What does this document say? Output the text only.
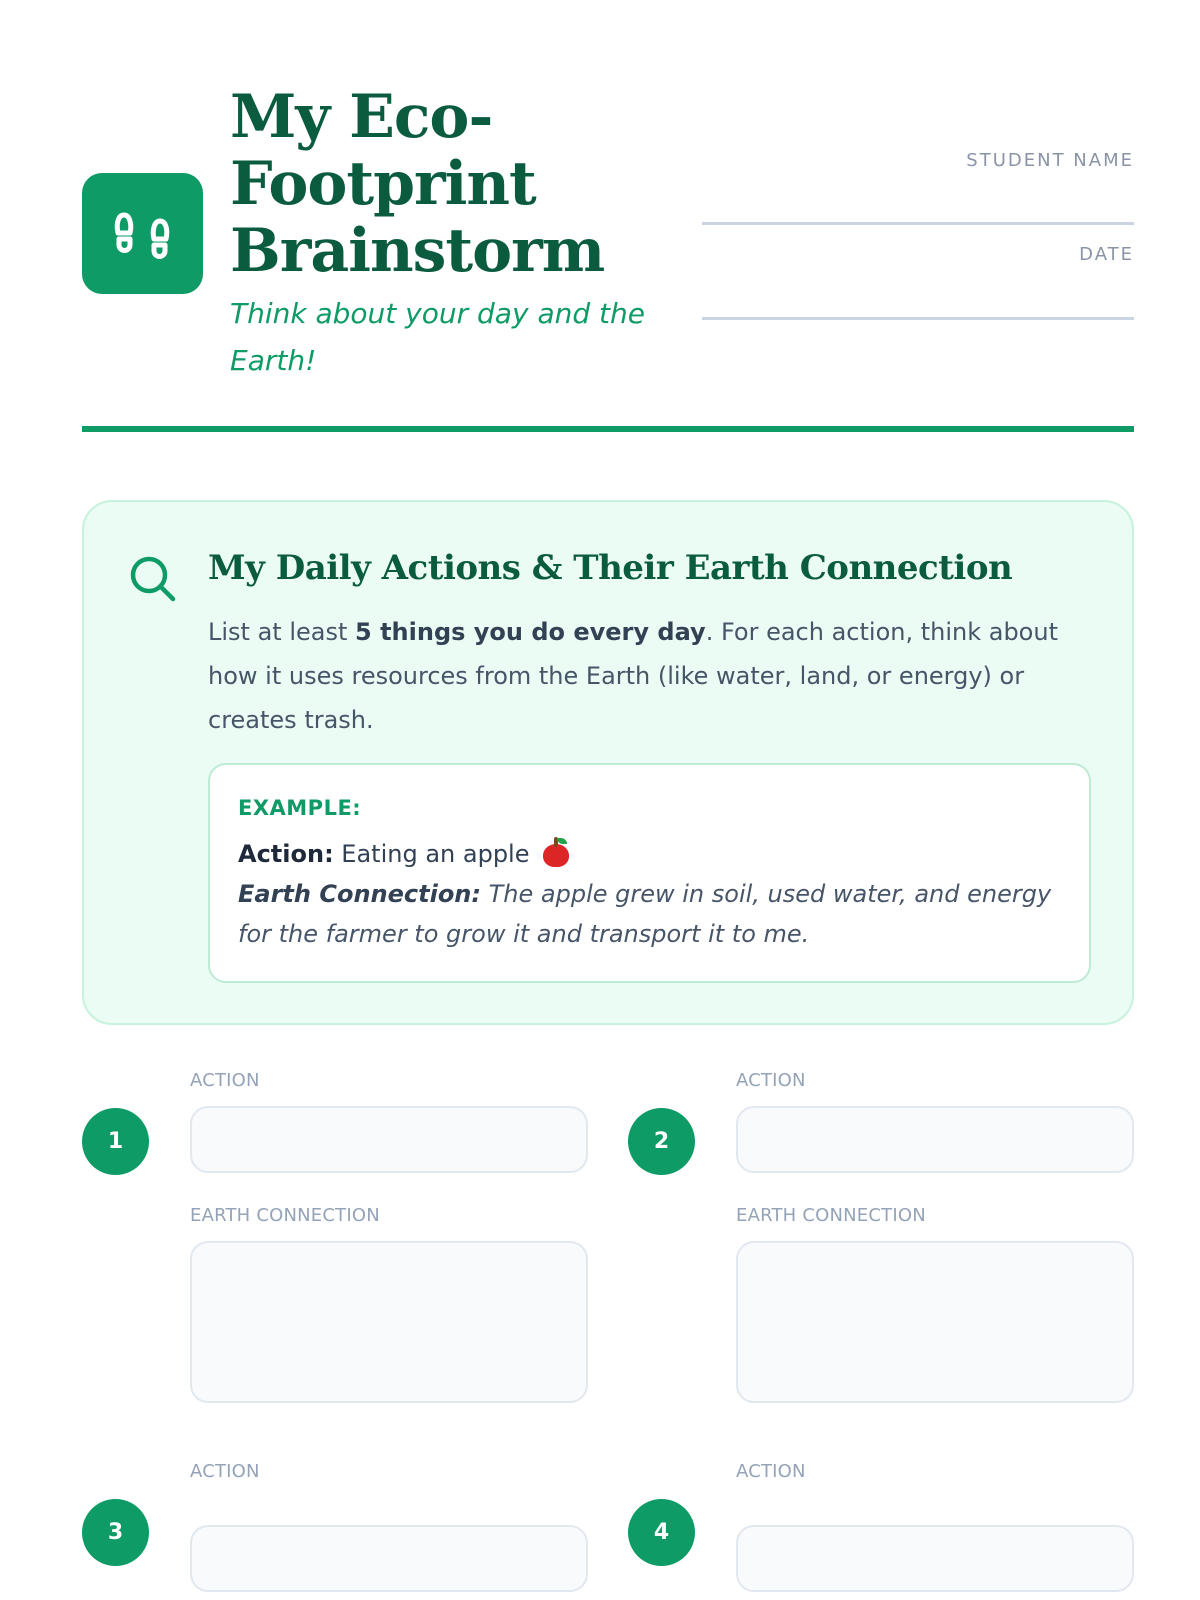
My Eco-Footprint Brainstorm
Think about your day and the Earth!
STUDENT NAME
DATE
My Daily Actions & Their Earth Connection
List at least 5 things you do every day. For each action, think about how it uses resources from the Earth (like water, land, or energy) or creates trash.
EXAMPLE:
Action: Eating an apple
Earth Connection: The apple grew in soil, used water, and energy for the farmer to grow it and transport it to me.
1
ACTION
EARTH CONNECTION
2
ACTION
EARTH CONNECTION
3
ACTION
4
ACTION
